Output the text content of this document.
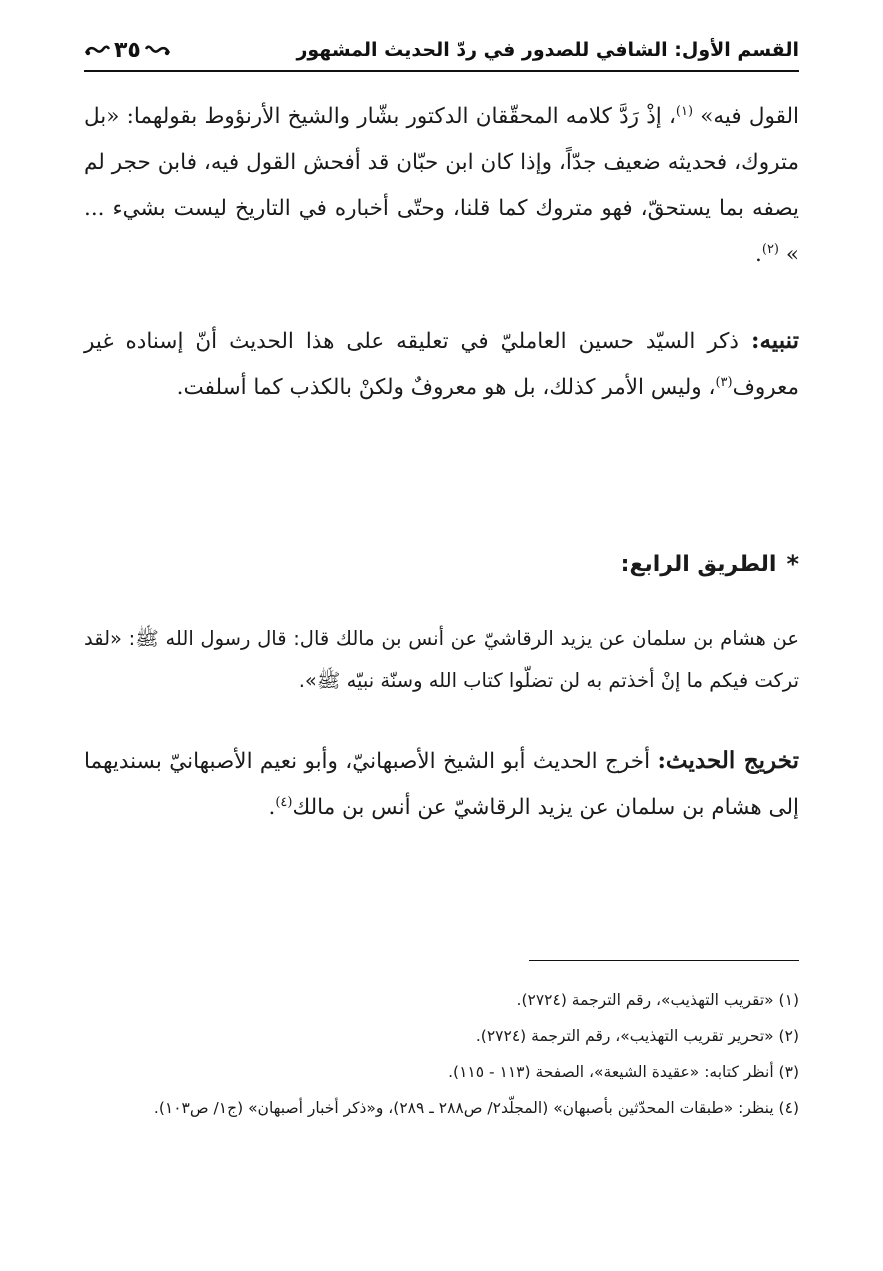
القسم الأول: الشافي للصدور في ردّ الحديث المشهور
٣٥
القول فيه» $^{(١)}$، إذْ رَدَّ كلامه المحقّقان الدكتور بشّار والشيخ الأرنؤوط بقولهما: «بل متروك، فحديثه ضعيف جدّاً، وإذا كان ابن حبّان قد أفحش القول فيه، فابن حجر لم يصفه بما يستحقّ، فهو متروك كما قلنا، وحتّى أخباره في التاريخ ليست بشيء ... » $^{(٢)}$.
تنبيه: ذكر السيّد حسين العامليّ في تعليقه على هذا الحديث أنّ إسناده غير معروف$^{(٣)}$، وليس الأمر كذلك، بل هو معروفٌ ولكنْ بالكذب كما أسلفت.
*
الطريق الرابع:
عن هشام بن سلمان عن يزيد الرقاشيّ عن أنس بن مالك قال: قال رسول الله ﷺ: «لقد تركت فيكم ما إنْ أخذتم به لن تضلّوا كتاب الله وسنّة نبيّه ﷺ».
تخريج الحديث: أخرج الحديث أبو الشيخ الأصبهانيّ، وأبو نعيم الأصبهانيّ بسنديهما إلى هشام بن سلمان عن يزيد الرقاشيّ عن أنس بن مالك$^{(٤)}$.

(١) «تقريب التهذيب»، رقم الترجمة (٢٧٢٤).

(٢) «تحرير تقريب التهذيب»، رقم الترجمة (٢٧٢٤).

(٣) أنظر كتابه: «عقيدة الشيعة»، الصفحة (١١٣ - ١١٥).

(٤) ينظر: «طبقات المحدّثين بأصبهان» (المجلّد٢/ ص٢٨٨ ـ ٢٨٩)، و«ذكر أخبار أصبهان» (ج١/ ص١٠٣).
